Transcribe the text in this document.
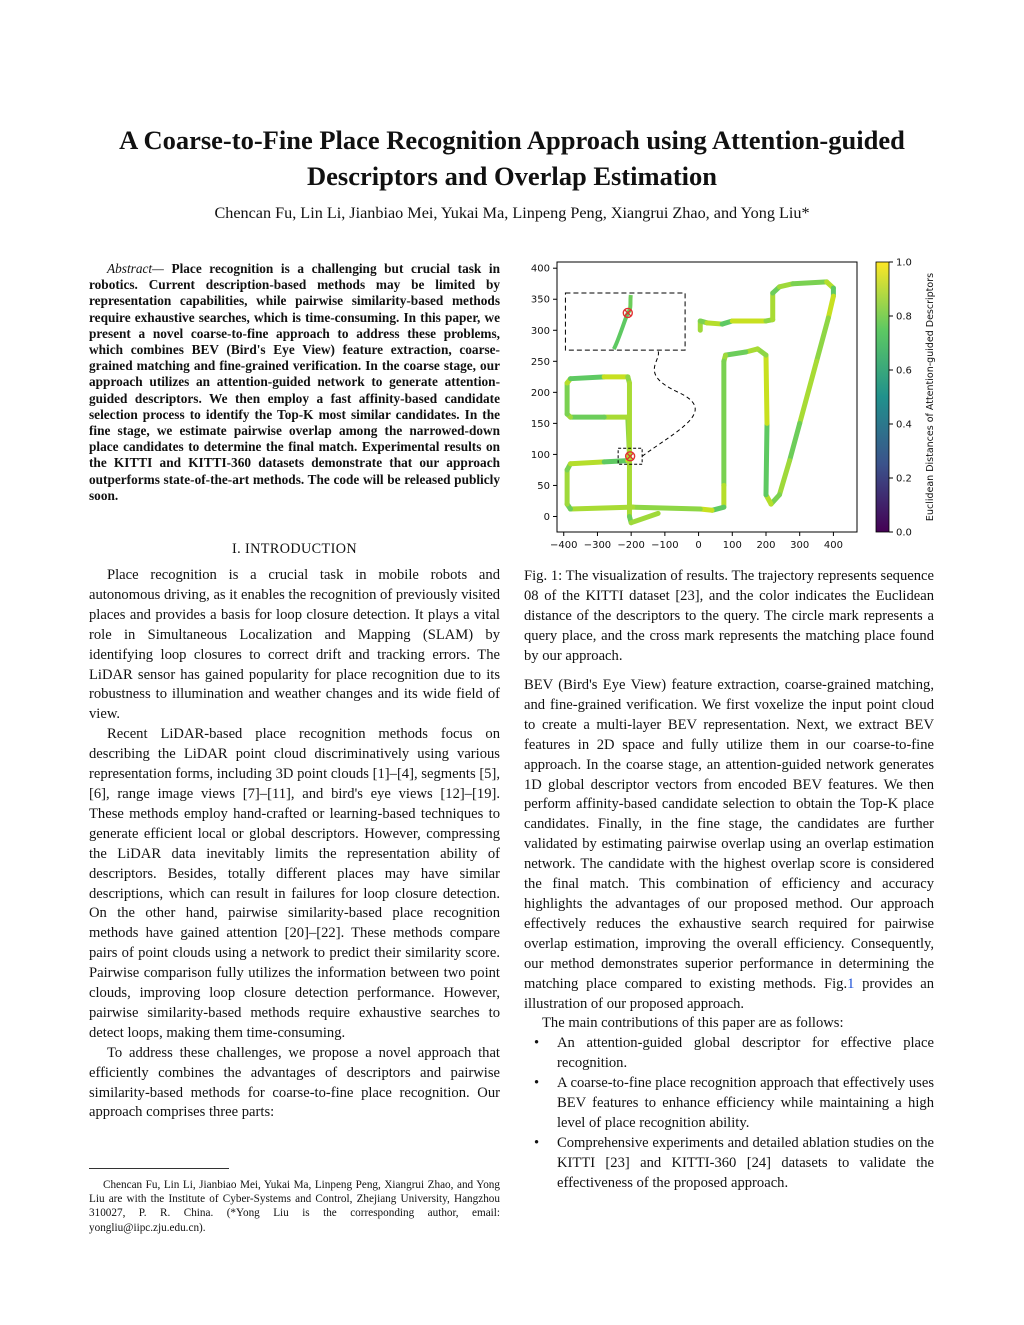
A Coarse-to-Fine Place Recognition Approach using Attention-guided
Descriptors and Overlap Estimation
Chencan Fu, Lin Li, Jianbiao Mei, Yukai Ma, Linpeng Peng, Xiangrui Zhao, and Yong Liu*
Abstract— Place recognition is a challenging but crucial task in robotics. Current description-based methods may be limited by representation capabilities, while pairwise similarity-based methods require exhaustive searches, which is time-consuming. In this paper, we present a novel coarse-to-fine approach to address these problems, which combines BEV (Bird's Eye View) feature extraction, coarse-grained matching and fine-grained verification. In the coarse stage, our approach utilizes an attention-guided network to generate attention-guided descriptors. We then employ a fast affinity-based candidate selection process to identify the Top-K most similar candidates. In the fine stage, we estimate pairwise overlap among the narrowed-down place candidates to determine the final match. Experimental results on the KITTI and KITTI-360 datasets demonstrate that our approach outperforms state-of-the-art methods. The code will be released publicly soon.
I. INTRODUCTION

Place recognition is a crucial task in mobile robots and autonomous driving, as it enables the recognition of previously visited places and provides a basis for loop closure detection. It plays a vital role in Simultaneous Localization and Mapping (SLAM) by identifying loop closures to correct drift and tracking errors. The LiDAR sensor has gained popularity for place recognition due to its robustness to illumination and weather changes and its wide field of view.

Recent LiDAR-based place recognition methods focus on describing the LiDAR point cloud discriminatively using various representation forms, including 3D point clouds [1]–[4], segments [5], [6], range image views [7]–[11], and bird's eye views [12]–[19]. These methods employ hand-crafted or learning-based techniques to generate efficient local or global descriptors. However, compressing the LiDAR data inevitably limits the representation ability of descriptors. Besides, totally different places may have similar descriptions, which can result in failures for loop closure detection. On the other hand, pairwise similarity-based place recognition methods have gained attention [20]–[22]. These methods compare pairs of point clouds using a network to predict their similarity score. Pairwise comparison fully utilizes the information between two point clouds, improving loop closure detection performance. However, pairwise similarity-based methods require exhaustive searches to detect loops, making them time-consuming.

To address these challenges, we propose a novel approach that efficiently combines the advantages of descriptors and pairwise similarity-based methods for coarse-to-fine place recognition. Our approach comprises three parts:

Chencan Fu, Lin Li, Jianbiao Mei, Yukai Ma, Linpeng Peng, Xiangrui Zhao, and Yong Liu are with the Institute of Cyber-Systems and Control, Zhejiang University, Hangzhou 310027, P. R. China. (*Yong Liu is the corresponding author, email: yongliu@iipc.zju.edu.cn).
−400 −300 −200 −100 0 100 200 300 400
0
50
100
150
200
250
300
350
400
0.0
0.2
0.4
0.6
0.8
1.0
Euclidean Distances of Attention-guided Descriptors
Fig. 1: The visualization of results. The trajectory represents sequence 08 of the KITTI dataset [23], and the color indicates the Euclidean distance of the descriptors to the query. The circle mark represents a query place, and the cross mark represents the matching place found by our approach.

BEV (Bird's Eye View) feature extraction, coarse-grained matching, and fine-grained verification. We first voxelize the input point cloud to create a multi-layer BEV representation. Next, we extract BEV features in 2D space and fully utilize them in our coarse-to-fine approach. In the coarse stage, an attention-guided network generates 1D global descriptor vectors from encoded BEV features. We then perform affinity-based candidate selection to obtain the Top-K place candidates. Finally, in the fine stage, the candidates are further validated by estimating pairwise overlap using an overlap estimation network. The candidate with the highest overlap score is considered the final match. This combination of efficiency and accuracy highlights the advantages of our proposed method. Our approach effectively reduces the exhaustive search required for pairwise overlap estimation, improving the overall efficiency. Consequently, our method demonstrates superior performance in determining the matching place compared to existing methods. Fig.1 provides an illustration of our proposed approach.

The main contributions of this paper are as follows:

• An attention-guided global descriptor for effective place recognition.
• A coarse-to-fine place recognition approach that effectively uses BEV features to enhance efficiency while maintaining a high level of place recognition ability.
• Comprehensive experiments and detailed ablation studies on the KITTI [23] and KITTI-360 [24] datasets to validate the effectiveness of the proposed approach.
